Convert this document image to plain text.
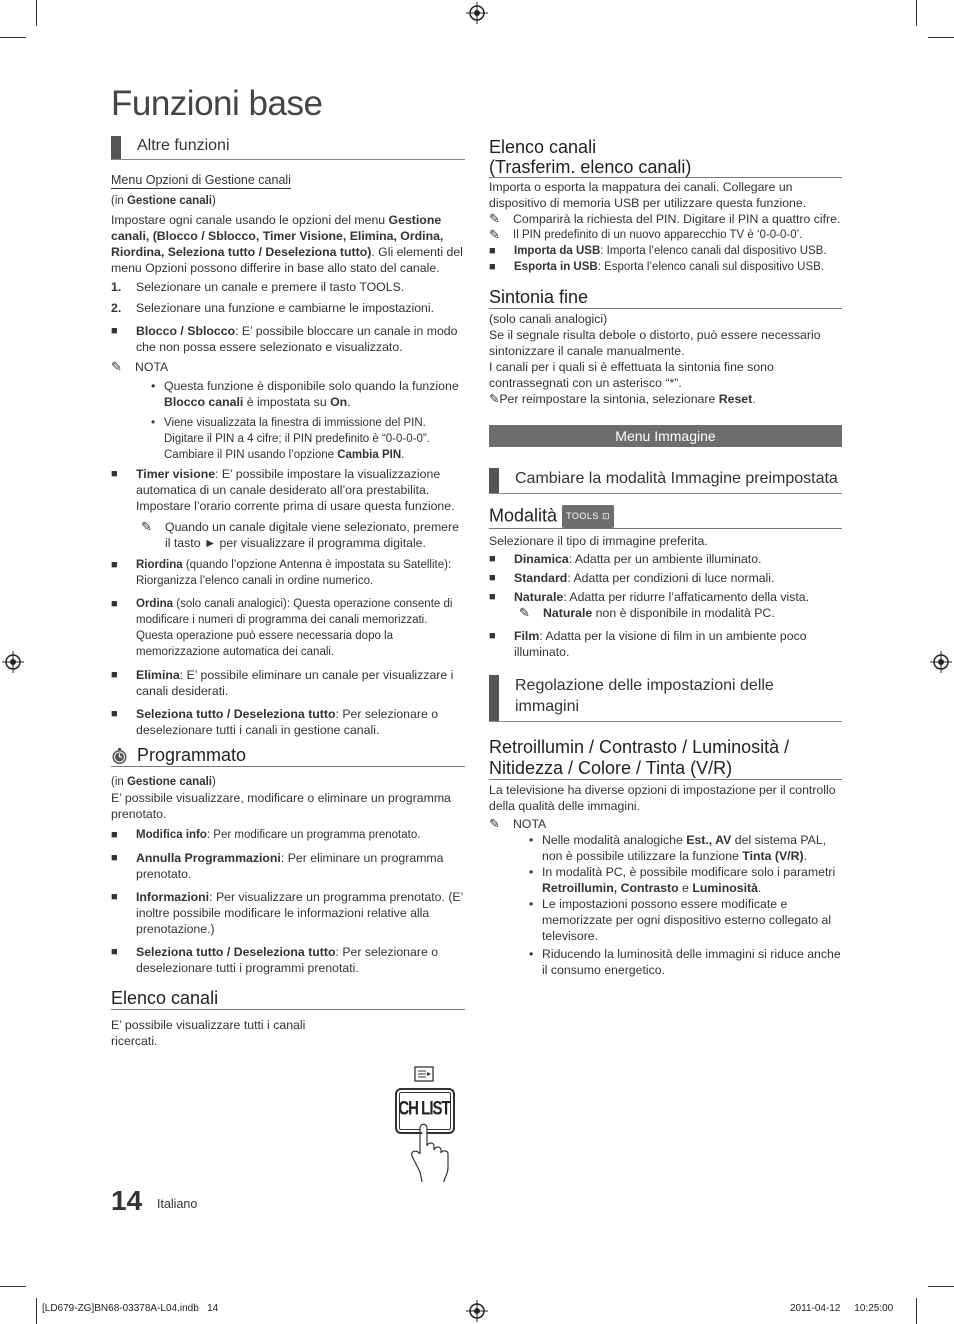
Funzioni base
Altre funzioni
Menu Opzioni di Gestione canali

(in Gestione canali)

Impostare ogni canale usando le opzioni del menu Gestione canali, (Blocco / Sblocco, Timer Visione, Elimina, Ordina, Riordina, Seleziona tutto / Deseleziona tutto). Gli elementi del menu Opzioni possono differire in base allo stato del canale.

1. Selezionare un canale e premere il tasto TOOLS.
2. Selezionare una funzione e cambiarne le impostazioni.
■ Blocco / Sblocco: E’ possibile bloccare un canale in modo che non possa essere selezionato e visualizzato.
✎ NOTA
• Questa funzione è disponibile solo quando la funzione Blocco canali è impostata su On.
• Viene visualizzata la finestra di immissione del PIN. Digitare il PIN a 4 cifre; il PIN predefinito è “0-0-0-0”. Cambiare il PIN usando l’opzione Cambia PIN.
■ Timer visione: E’ possibile impostare la visualizzazione automatica di un canale desiderato all’ora prestabilita. Impostare l’orario corrente prima di usare questa funzione.
✎ Quando un canale digitale viene selezionato, premere il tasto ► per visualizzare il programma digitale.
■ Riordina (quando l’opzione Antenna è impostata su Satellite): Riorganizza l’elenco canali in ordine numerico.
■ Ordina (solo canali analogici): Questa operazione consente di modificare i numeri di programma dei canali memorizzati. Questa operazione può essere necessaria dopo la memorizzazione automatica dei canali.
■ Elimina: E’ possibile eliminare un canale per visualizzare i canali desiderati.
■ Seleziona tutto / Deseleziona tutto: Per selezionare o deselezionare tutti i canali in gestione canali.
Programmato

(in Gestione canali)

E’ possibile visualizzare, modificare o eliminare un programma prenotato.

■ Modifica info: Per modificare un programma prenotato.
■ Annulla Programmazioni: Per eliminare un programma prenotato.
■ Informazioni: Per visualizzare un programma prenotato. (E’ inoltre possibile modificare le informazioni relative alla prenotazione.)
■ Seleziona tutto / Deseleziona tutto: Per selezionare o deselezionare tutti i programmi prenotati.
Elenco canali

E’ possibile visualizzare tutti i canali ricercati.

CH LIST
Elenco canali
(Trasferim. elenco canali)

Importa o esporta la mappatura dei canali. Collegare un dispositivo di memoria USB per utilizzare questa funzione.

✎ Comparirà la richiesta del PIN. Digitare il PIN a quattro cifre.
✎ Il PIN predefinito di un nuovo apparecchio TV è ‘0-0-0-0’.
■ Importa da USB: Importa l’elenco canali dal dispositivo USB.
■ Esporta in USB: Esporta l’elenco canali sul dispositivo USB.
Sintonia fine

(solo canali analogici)

Se il segnale risulta debole o distorto, può essere necessario sintonizzare il canale manualmente.

I canali per i quali si è effettuata la sintonia fine sono contrassegnati con un asterisco “*”.

✎Per reimpostare la sintonia, selezionare Reset.

Menu Immagine
Cambiare la modalità Immagine preimpostata
Modalità TOOLS ⊡

Selezionare il tipo di immagine preferita.

■ Dinamica: Adatta per un ambiente illuminato.
■ Standard: Adatta per condizioni di luce normali.
■ Naturale: Adatta per ridurre l’affaticamento della vista.
✎ Naturale non è disponibile in modalità PC.
■ Film: Adatta per la visione di film in un ambiente poco illuminato.
Regolazione delle impostazioni delle immagini
Retroillumin / Contrasto / Luminosità / Nitidezza / Colore / Tinta (V/R)

La televisione ha diverse opzioni di impostazione per il controllo della qualità delle immagini.

✎ NOTA
• Nelle modalità analogiche Est., AV del sistema PAL, non è possibile utilizzare la funzione Tinta (V/R).
• In modalità PC, è possibile modificare solo i parametri Retroillumin, Contrasto e Luminosità.
• Le impostazioni possono essere modificate e memorizzate per ogni dispositivo esterno collegato al televisore.
• Riducendo la luminosità delle immagini si riduce anche il consumo energetico.
14 Italiano
[LD679-ZG]BN68-03378A-L04.indb   14	2011-04-12     10:25:00
